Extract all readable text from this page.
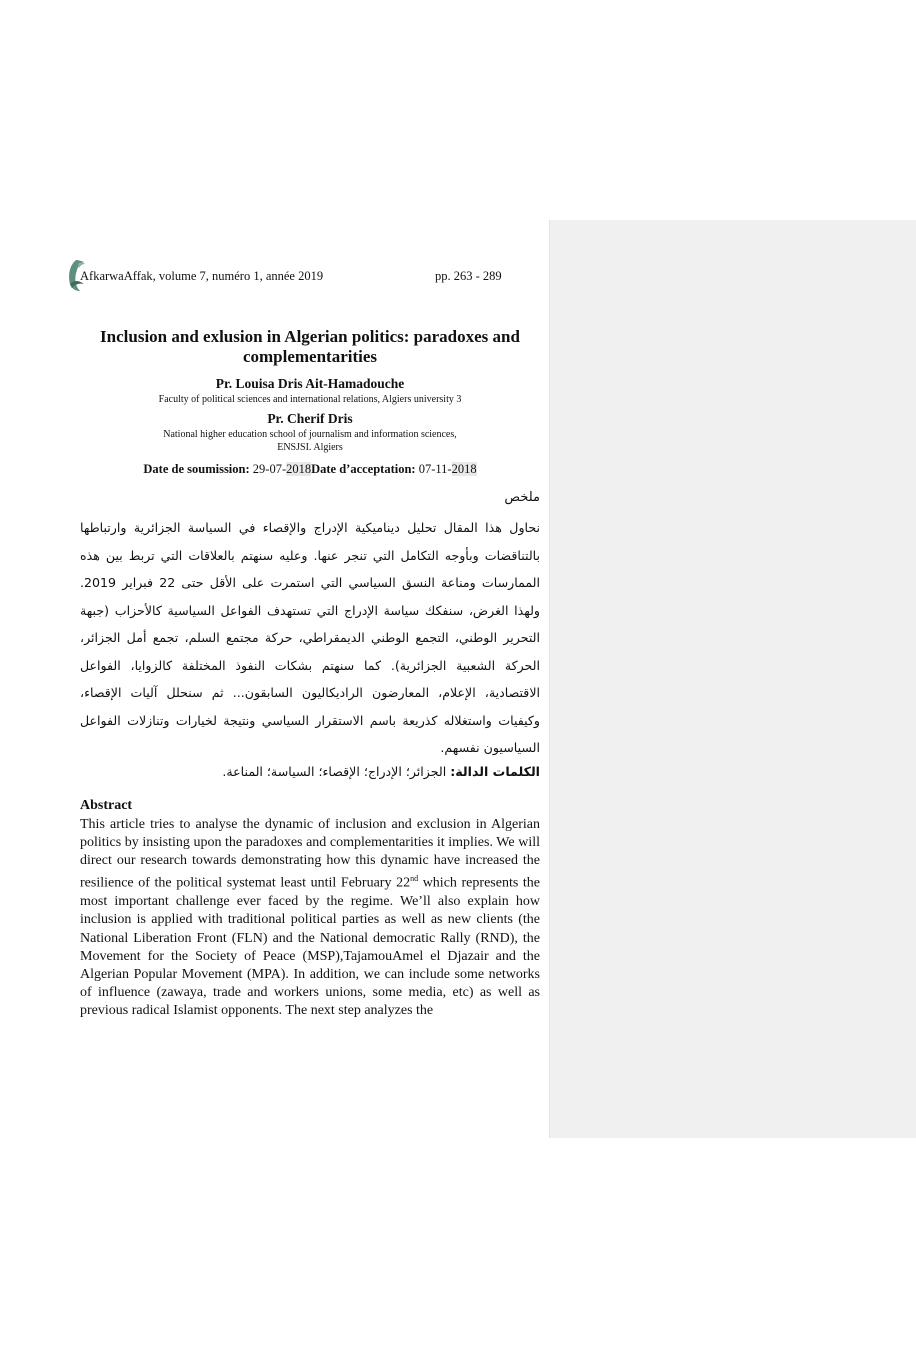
AfkarwaAffak, volume 7, numéro 1, année 2019	pp. 263 - 289
Inclusion and exlusion in Algerian politics: paradoxes and complementarities
Pr. Louisa Dris Ait-Hamadouche
Faculty of political sciences and international relations, Algiers university 3
Pr. Cherif Dris
National higher education school of journalism and information sciences,
ENSJSI. Algiers
Date de soumission: 29-07-2018Date d’acceptation: 07-11-2018
ملخص

نحاول هذا المقال تحليل ديناميكية الإدراج والإقصاء في السياسة الجزائرية وارتباطها بالتناقضات وبأوجه التكامل التي تنجر عنها. وعليه سنهتم بالعلاقات التي تربط بين هذه الممارسات ومناعة النسق السياسي التي استمرت على الأقل حتى 22 فبراير 2019. ولهذا الغرض، سنفكك سياسة الإدراج التي تستهدف الفواعل السياسية كالأحزاب (جبهة التحرير الوطني، التجمع الوطني الديمقراطي، حركة مجتمع السلم، تجمع أمل الجزائر، الحركة الشعبية الجزائرية). كما سنهتم بشكات النفوذ المختلفة كالزوايا، الفواعل الاقتصادية، الإعلام، المعارضون الراديكاليون السابقون... ثم سنحلل آليات الإقصاء، وكيفيات واستغلاله كذريعة باسم الاستقرار السياسي ونتيجة لخيارات وتنازلات الفواعل السياسيون نفسهم.

الكلمات الدالة: الجزائر؛ الإدراج؛ الإقصاء؛ السياسة؛ المناعة.
Abstract

This article tries to analyse the dynamic of inclusion and exclusion in Algerian politics by insisting upon the paradoxes and complementarities it implies. We will direct our research towards demonstrating how this dynamic have increased the resilience of the political systemat least until February 22nd which represents the most important challenge ever faced by the regime. We’ll also explain how inclusion is applied with traditional political parties as well as new clients (the National Liberation Front (FLN) and the National democratic Rally (RND), the Movement for the Society of Peace (MSP),TajamouAmel el Djazair and the Algerian Popular Movement (MPA). In addition, we can include some networks of influence (zawaya, trade and workers unions, some media, etc) as well as previous radical Islamist opponents. The next step analyzes the
